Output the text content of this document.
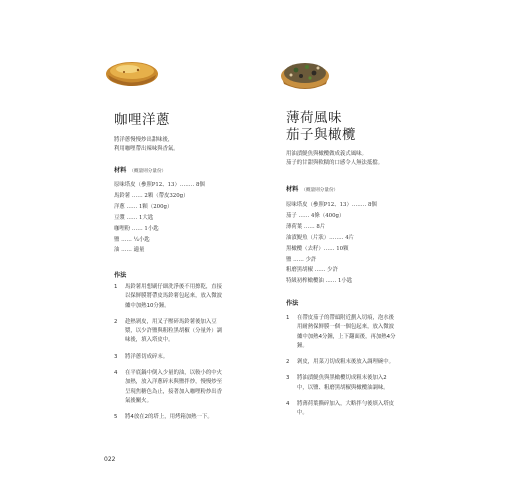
咖哩洋蔥
將洋蔥慢慢炒出甜味後，
利用咖哩帶出辣味與香氣。
材料 （概量則分量份）
原味塔皮（參照P12、13）‥‥‥‥ 8個
馬鈴薯 ‥‥‥ 2顆（帶皮320g）
洋蔥 ‥‥‥ 1顆（200g）
豆漿 ‥‥‥ 1大匙
咖哩粉 ‥‥‥ 1小匙
鹽 ‥‥‥ ¼小匙
油 ‥‥‥ 適量
作法
1 馬鈴薯用想刷仔細洗淨後不用擦乾，直接
以保鮮膜將帶皮馬鈴薯包起來，放入微波
爐中加熱10分鐘。
2 趁熱剝皮，用叉子壓碎馬鈴薯後加入豆
漿，以少許鹽與粗粒黑胡椒（分量外）調
味後，填入塔皮中。
3 將洋蔥切成碎末。
4 在平底鍋中倒入少量的油，以較小的中火
加熱，放入洋蔥碎末與鹽拌炒，慢慢炒至
呈現焦糖色為止，接著加入咖哩粉炒出香
氣後關火。
5 將4放在2的塔上，用烤箱加熱一下。
薄荷風味
茄子與橄欖
用油漬鯷魚與橄欖做成義式風味。
茄子的甘甜與軟糯的口感令人無法抵擋。
材料 （概量則分量份）
原味塔皮（參照P12、13）‥‥‥‥ 8個
茄子 ‥‥‥ 4條（400g）
薄荷葉 ‥‥‥ 8片
油漬鯷魚（片狀）‥‥‥‥ 4片
黑橄欖（去籽）‥‥‥ 10顆
鹽 ‥‥‥ 少許
粗磨黑胡椒 ‥‥‥ 少許
特級初榨橄欖油 ‥‥‥ 1小匙
作法
1 在帶皮茄子的帶頭附近劃入切痕，泡水後
用耐熱保鮮膜一個一個包起來，放入微波
爐中加熱4分鐘，上下翻面後，再加熱4分
鐘。
2 剝皮，用菜刀切成粗末後放入調理碗中。
3 將油漬鯷魚與黑橄欖切成粗末後加入2
中，以鹽、粗磨黑胡椒與橄欖油調味。
4 將薄荷葉撕碎加入，大略拌勻後填入塔皮
中。
022
